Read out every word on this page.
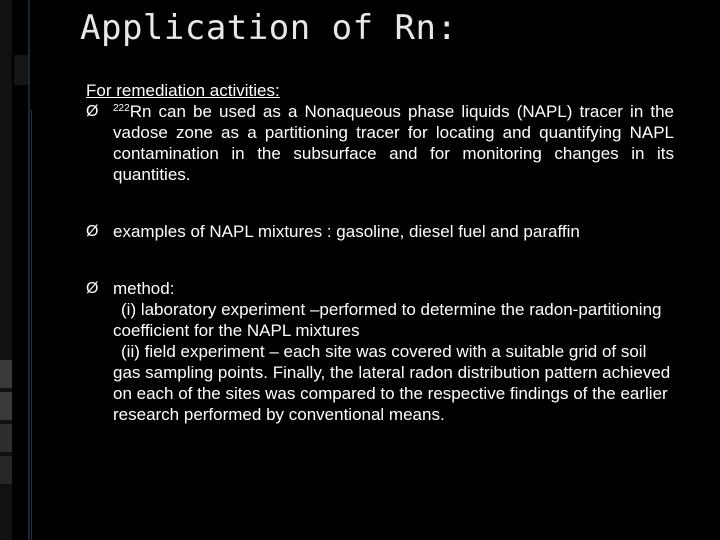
Application of Rn:

For remediation activities:

Ø $^{222}$Rn can be used as a Nonaqueous phase liquids (NAPL) tracer in the vadose zone as a partitioning tracer for locating and quantifying NAPL contamination in the subsurface and for monitoring changes in its quantities.

Ø examples of NAPL mixtures : gasoline, diesel fuel and paraffin

Ø method:

(i) laboratory experiment –performed to determine the radon-partitioning coefficient for the NAPL mixtures

(ii) field experiment – each site was covered with a suitable grid of soil gas sampling points. Finally, the lateral radon distribution pattern achieved on each of the sites was compared to the respective findings of the earlier research performed by conventional means.
